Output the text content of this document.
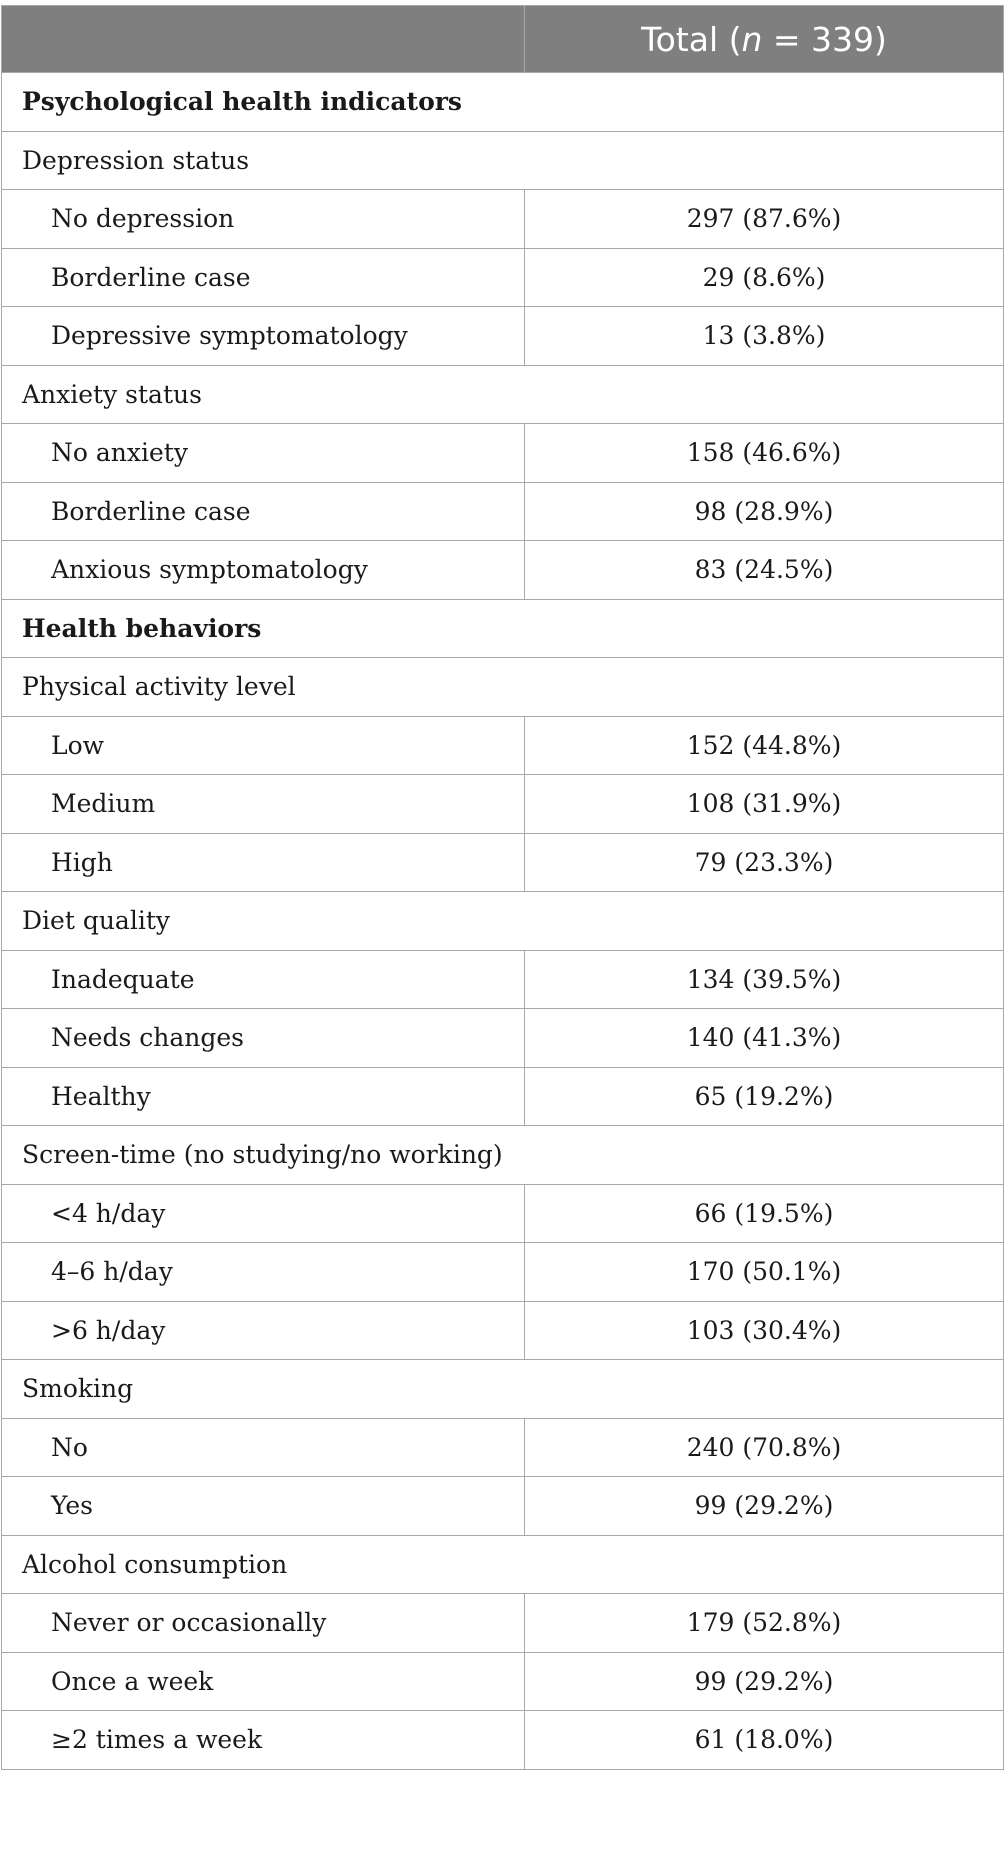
	Total (n = 339)
Psychological health indicators	
Depression status	
No depression	297 (87.6%)
Borderline case	29 (8.6%)
Depressive symptomatology	13 (3.8%)
Anxiety status	
No anxiety	158 (46.6%)
Borderline case	98 (28.9%)
Anxious symptomatology	83 (24.5%)
Health behaviors	
Physical activity level	
Low	152 (44.8%)
Medium	108 (31.9%)
High	79 (23.3%)
Diet quality	
Inadequate	134 (39.5%)
Needs changes	140 (41.3%)
Healthy	65 (19.2%)
Screen-time (no studying/no working)	
<4 h/day	66 (19.5%)
4–6 h/day	170 (50.1%)
>6 h/day	103 (30.4%)
Smoking	
No	240 (70.8%)
Yes	99 (29.2%)
Alcohol consumption	
Never or occasionally	179 (52.8%)
Once a week	99 (29.2%)
≥2 times a week	61 (18.0%)
